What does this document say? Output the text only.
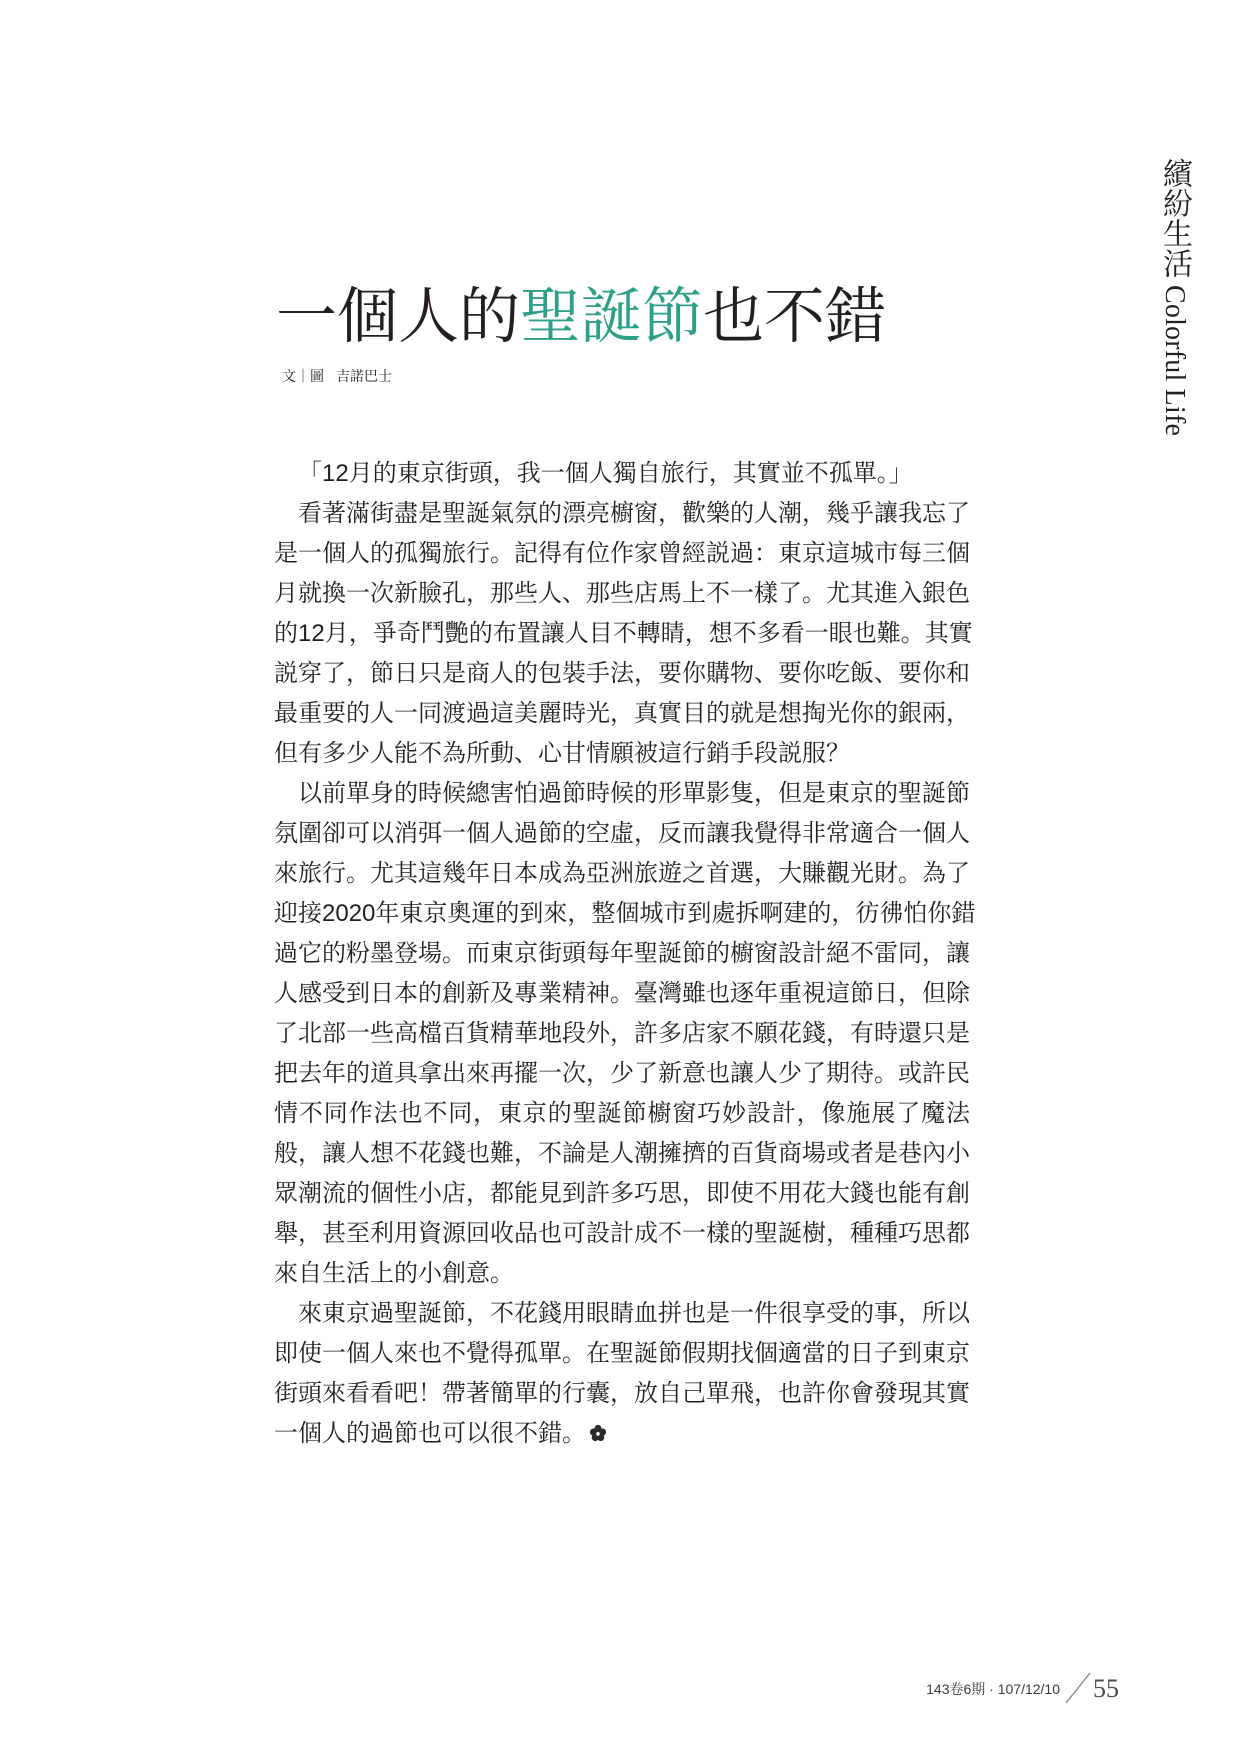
繽紛生活Colorful Life
一個人的聖誕節也不錯
文｜圖 吉諾巴士
「12月的東京街頭，我一個人獨自旅行，其實並不孤單。」
看著滿街盡是聖誕氣氛的漂亮櫥窗，歡樂的人潮，幾乎讓我忘了
是一個人的孤獨旅行。記得有位作家曾經説過：東京這城市每三個
月就換一次新臉孔，那些人、那些店馬上不一樣了。尤其進入銀色
的12月，爭奇鬥艷的布置讓人目不轉睛，想不多看一眼也難。其實
説穿了，節日只是商人的包裝手法，要你購物、要你吃飯、要你和
最重要的人一同渡過這美麗時光，真實目的就是想掏光你的銀兩，
但有多少人能不為所動、心甘情願被這行銷手段説服？
以前單身的時候總害怕過節時候的形單影隻，但是東京的聖誕節
氛圍卻可以消弭一個人過節的空虛，反而讓我覺得非常適合一個人
來旅行。尤其這幾年日本成為亞洲旅遊之首選，大賺觀光財。為了
迎接2020年東京奧運的到來，整個城市到處拆啊建的，彷彿怕你錯
過它的粉墨登場。而東京街頭每年聖誕節的櫥窗設計絕不雷同，讓
人感受到日本的創新及專業精神。臺灣雖也逐年重視這節日，但除
了北部一些高檔百貨精華地段外，許多店家不願花錢，有時還只是
把去年的道具拿出來再擺一次，少了新意也讓人少了期待。或許民
情不同作法也不同，東京的聖誕節櫥窗巧妙設計，像施展了魔法
般，讓人想不花錢也難，不論是人潮擁擠的百貨商場或者是巷內小
眾潮流的個性小店，都能見到許多巧思，即使不用花大錢也能有創
舉，甚至利用資源回收品也可設計成不一樣的聖誕樹，種種巧思都
來自生活上的小創意。
來東京過聖誕節，不花錢用眼睛血拼也是一件很享受的事，所以
即使一個人來也不覺得孤單。在聖誕節假期找個適當的日子到東京
街頭來看看吧！帶著簡單的行囊，放自己單飛，也許你會發現其實
一個人的過節也可以很不錯。
143卷6期 · 107/12/10 55
